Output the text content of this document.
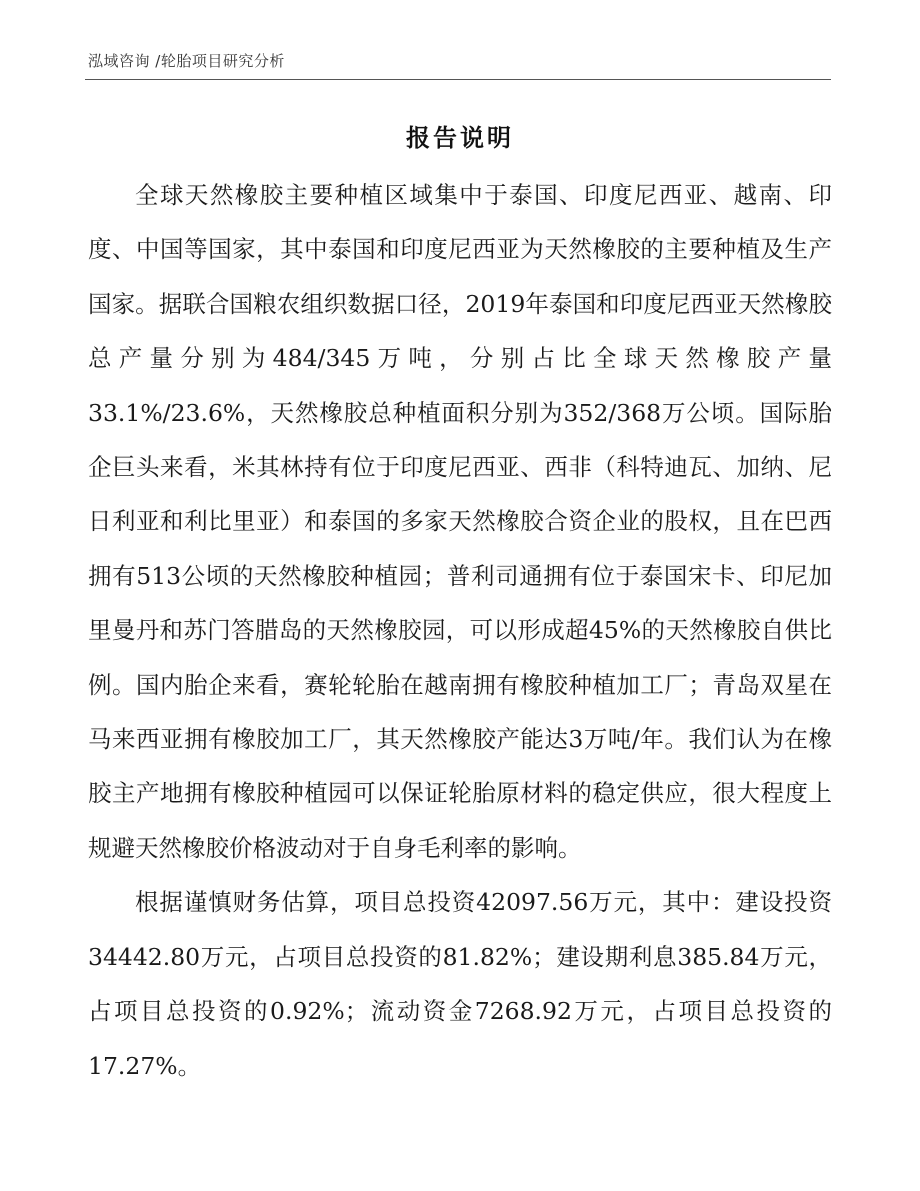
泓域咨询 /轮胎项目研究分析
报告说明

全球天然橡胶主要种植区域集中于泰国、印度尼西亚、越南、印度、中国等国家，其中泰国和印度尼西亚为天然橡胶的主要种植及生产国家。据联合国粮农组织数据口径，2019年泰国和印度尼西亚天然橡胶总产量分别为484/345万吨，分别占比全球天然橡胶产量33.1%/23.6%，天然橡胶总种植面积分别为352/368万公顷。国际胎企巨头来看，米其林持有位于印度尼西亚、西非（科特迪瓦、加纳、尼日利亚和利比里亚）和泰国的多家天然橡胶合资企业的股权，且在巴西拥有513公顷的天然橡胶种植园；普利司通拥有位于泰国宋卡、印尼加里曼丹和苏门答腊岛的天然橡胶园，可以形成超45%的天然橡胶自供比例。国内胎企来看，赛轮轮胎在越南拥有橡胶种植加工厂；青岛双星在马来西亚拥有橡胶加工厂，其天然橡胶产能达3万吨/年。我们认为在橡胶主产地拥有橡胶种植园可以保证轮胎原材料的稳定供应，很大程度上规避天然橡胶价格波动对于自身毛利率的影响。

根据谨慎财务估算，项目总投资42097.56万元，其中：建设投资34442.80万元，占项目总投资的81.82%；建设期利息385.84万元，占项目总投资的0.92%；流动资金7268.92万元，占项目总投资的17.27%。
